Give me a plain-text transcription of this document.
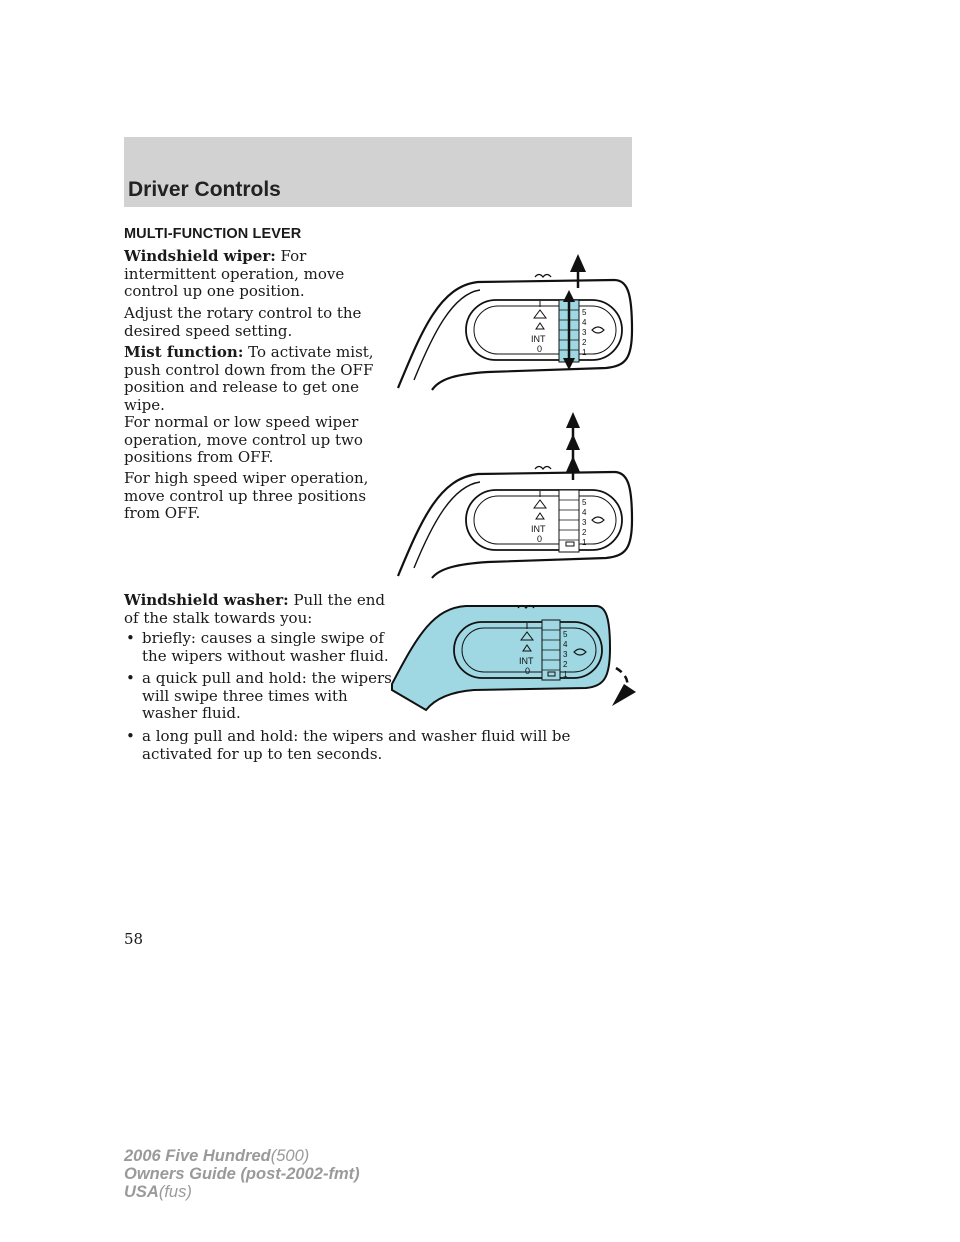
Driver Controls
MULTI-FUNCTION LEVER

Windshield wiper: For intermittent operation, move control up one position.

Adjust the rotary control to the desired speed setting.

Mist function: To activate mist, push control down from the OFF position and release to get one wipe.

For normal or low speed wiper operation, move control up two positions from OFF.

For high speed wiper operation, move control up three positions from OFF.

Windshield washer: Pull the end of the stalk towards you:

• briefly: causes a single swipe of the wipers without washer fluid.

• a quick pull and hold: the wipers will swipe three times with washer fluid.

• a long pull and hold: the wipers and washer fluid will be activated for up to ten seconds.

INT
0
5
4
3
2
1
INT
0
5
4
3
2
1
INT
0
5
4
3
2
1
58
2006 Five Hundred(500)
Owners Guide (post-2002-fmt)
USA(fus)
